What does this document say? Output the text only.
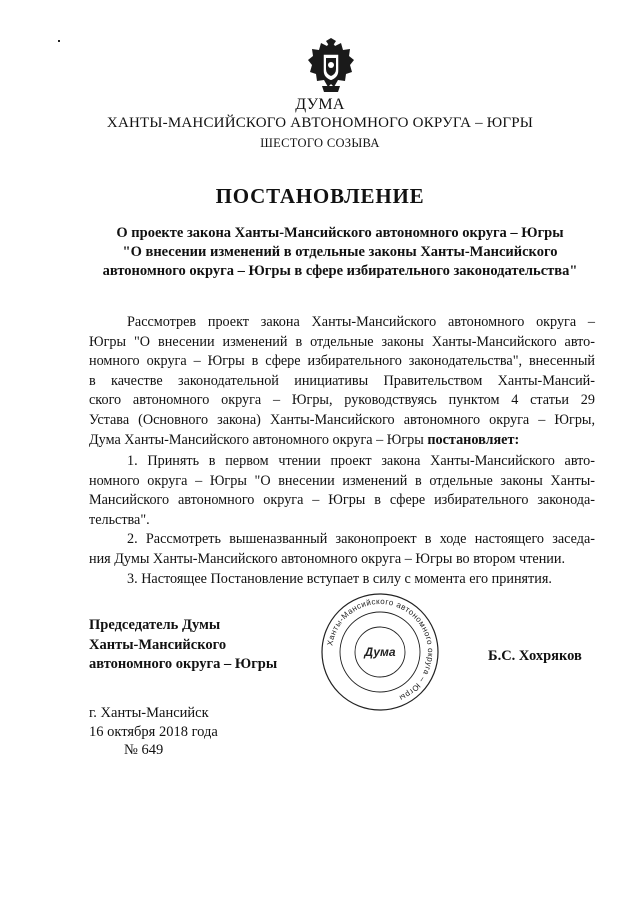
ДУМА
ХАНТЫ-МАНСИЙСКОГО АВТОНОМНОГО ОКРУГА – ЮГРЫ
ШЕСТОГО СОЗЫВА
ПОСТАНОВЛЕНИЕ
О проекте закона Ханты-Мансийского автономного округа – Югры
"О внесении изменений в отдельные законы Ханты-Мансийского
автономного округа – Югры в сфере избирательного законодательства"
Рассмотрев проект закона Ханты-Мансийского автономного округа –
Югры "О внесении изменений в отдельные законы Ханты-Мансийского авто-
номного округа – Югры в сфере избирательного законодательства", внесенный
в качестве законодательной инициативы Правительством Ханты-Мансий-
ского автономного округа – Югры, руководствуясь пунктом 4 статьи 29
Устава (Основного закона) Ханты-Мансийского автономного округа – Югры,
Дума Ханты-Мансийского автономного округа – Югры постановляет:
1. Принять в первом чтении проект закона Ханты-Мансийского авто-
номного округа – Югры "О внесении изменений в отдельные законы Ханты-
Мансийского автономного округа – Югры в сфере избирательного законода-
тельства".
2. Рассмотреть вышеназванный законопроект в ходе настоящего заседа-
ния Думы Ханты-Мансийского автономного округа – Югры во втором чтении.
3. Настоящее Постановление вступает в силу с момента его принятия.
Председатель Думы
Ханты-Мансийского
автономного округа – Югры
Ханты-Мансийского автономного округа – Югры
Дума	Б.С. Хохряков
г. Ханты-Мансийск
16 октября 2018 года
№ 649
